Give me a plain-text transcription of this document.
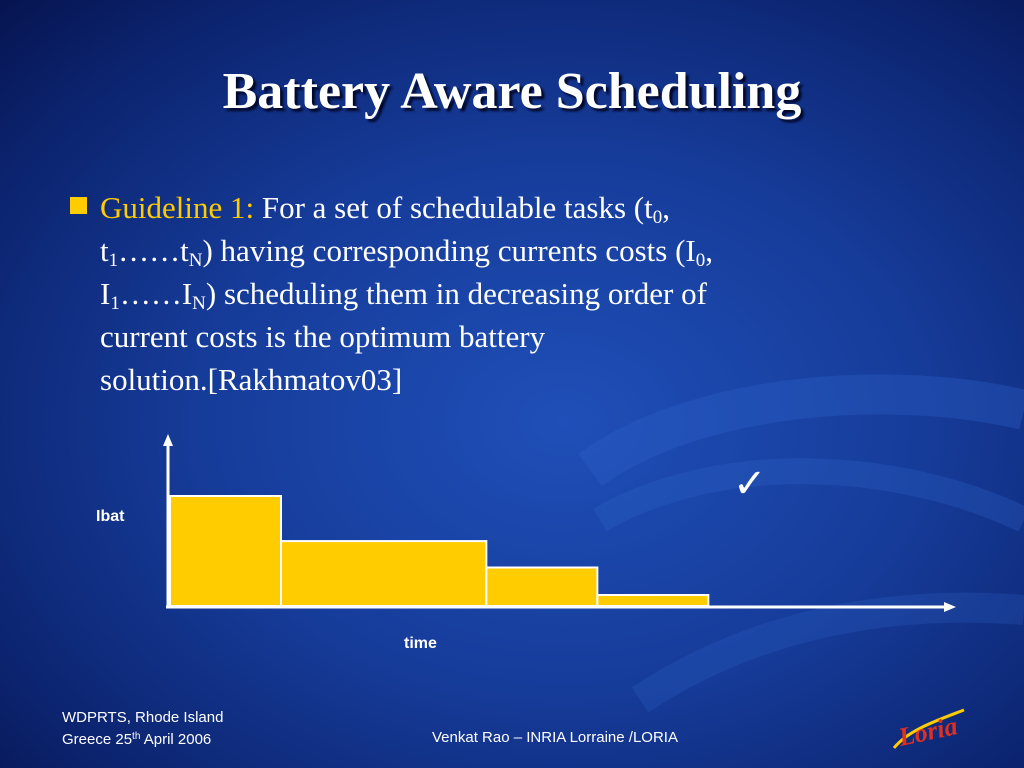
Battery Aware Scheduling
Guideline 1: For a set of schedulable tasks ($t_0$,
$t_1\dots\dots t_N$) having corresponding currents costs ($I_0$,
$I_1\dots\dots I_N$) scheduling them in decreasing order of
current costs is the optimum battery
solution.[Rakhmatov03]
Ibat
time
✓
WDPRTS, Rhode Island
Greece 25th April 2006	Venkat Rao – INRIA Lorraine /LORIA	Loria
